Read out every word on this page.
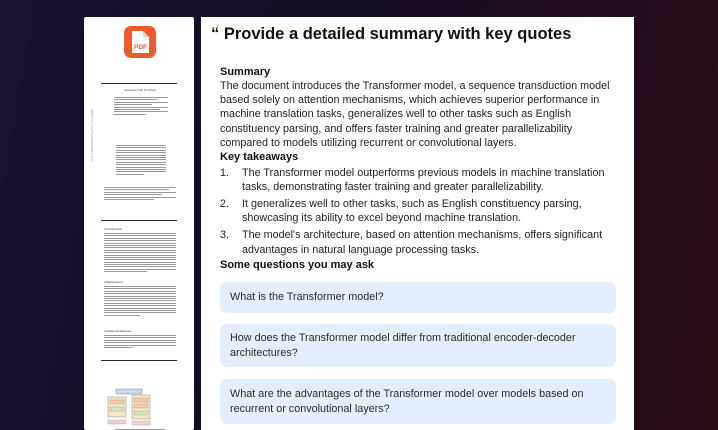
PDF
Attention Is All You Need
arXiv:1706.03762v7 [cs.CL] 2 Aug 2023
1 Introduction
2 Background
3 Model Architecture

“ Provide a detailed summary with key quotes

Summary

The document introduces the Transformer model, a sequence transduction model based solely on attention mechanisms, which achieves superior performance in machine translation tasks, generalizes well to other tasks such as English constituency parsing, and offers faster training and greater parallelizability compared to models utilizing recurrent or convolutional layers.

Key takeaways

1. The Transformer model outperforms previous models in machine translation tasks, demonstrating faster training and greater parallelizability.
2. It generalizes well to other tasks, such as English constituency parsing, showcasing its ability to excel beyond machine translation.
3. The model's architecture, based on attention mechanisms, offers significant advantages in natural language processing tasks.

Some questions you may ask

What is the Transformer model?
How does the Transformer model differ from traditional encoder-decoder architectures?
What are the advantages of the Transformer model over models based on recurrent or convolutional layers?
